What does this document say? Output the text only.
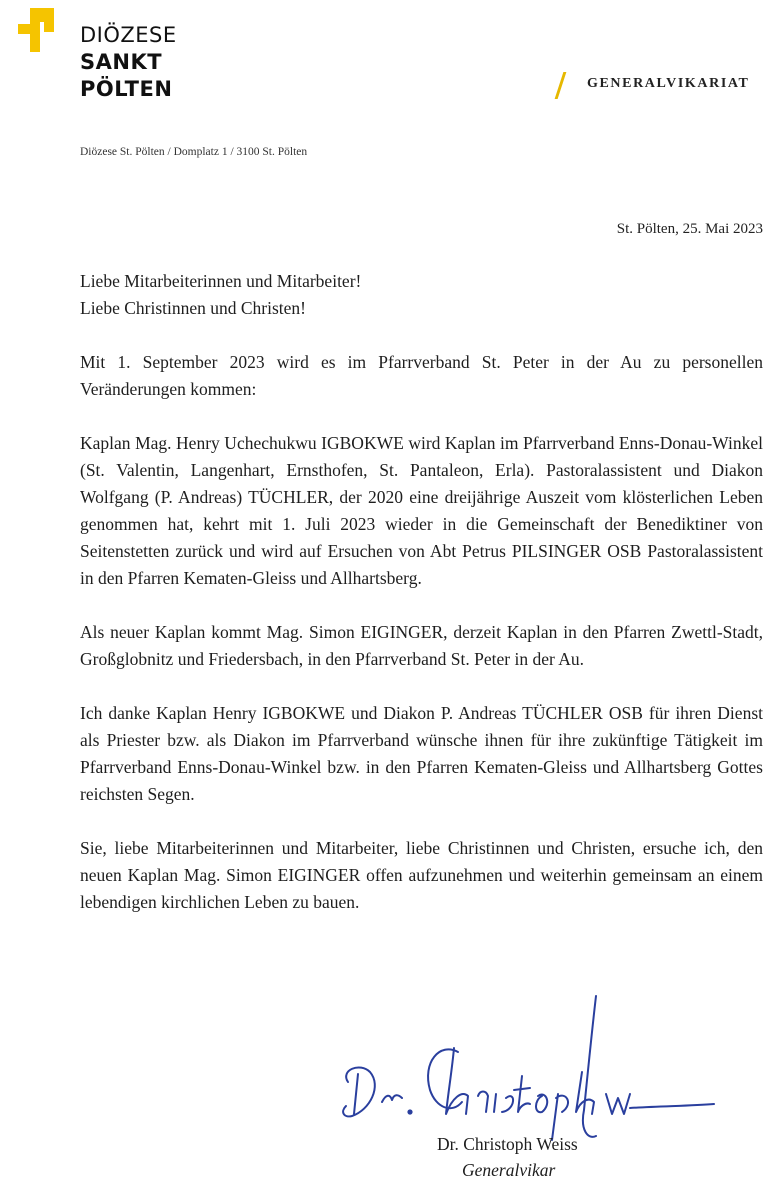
DIÖZESE
SANKT
PÖLTEN	GENERALVIKARIAT
Diözese St. Pölten / Domplatz 1 / 3100 St. Pölten
St. Pölten, 25. Mai 2023

Liebe Mitarbeiterinnen und Mitarbeiter!
Liebe Christinnen und Christen!

Mit 1. September 2023 wird es im Pfarrverband St. Peter in der Au zu personellen Veränderungen kommen:

Kaplan Mag. Henry Uchechukwu IGBOKWE wird Kaplan im Pfarrverband Enns-Donau-Winkel (St. Valentin, Langenhart, Ernsthofen, St. Pantaleon, Erla). Pastoralassistent und Diakon Wolfgang (P. Andreas) TÜCHLER, der 2020 eine dreijährige Auszeit vom klösterlichen Leben genommen hat, kehrt mit 1. Juli 2023 wieder in die Gemeinschaft der Benediktiner von Seitenstetten zurück und wird auf Ersuchen von Abt Petrus PILSINGER OSB Pastoralassistent in den Pfarren Kematen-Gleiss und Allhartsberg.

Als neuer Kaplan kommt Mag. Simon EIGINGER, derzeit Kaplan in den Pfarren Zwettl-Stadt, Großglobnitz und Friedersbach, in den Pfarrverband St. Peter in der Au.

Ich danke Kaplan Henry IGBOKWE und Diakon P. Andreas TÜCHLER OSB für ihren Dienst als Priester bzw. als Diakon im Pfarrverband wünsche ihnen für ihre zukünftige Tätigkeit im Pfarrverband Enns-Donau-Winkel bzw. in den Pfarren Kematen-Gleiss und Allhartsberg Gottes reichsten Segen.

Sie, liebe Mitarbeiterinnen und Mitarbeiter, liebe Christinnen und Christen, ersuche ich, den neuen Kaplan Mag. Simon EIGINGER offen aufzunehmen und weiterhin gemeinsam an einem lebendigen kirchlichen Leben zu bauen.

Dr. Christoph Weiss
Generalvikar
